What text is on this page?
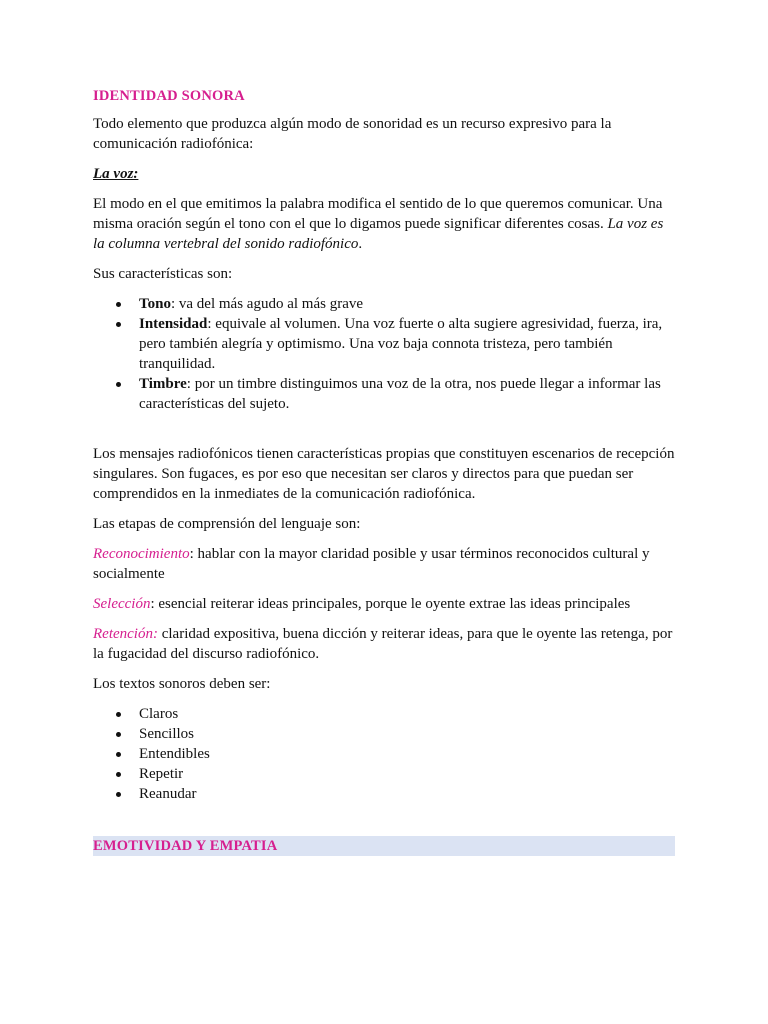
IDENTIDAD SONORA

Todo elemento que produzca algún modo de sonoridad es un recurso expresivo para la comunicación radiofónica:

La voz:

El modo en el que emitimos la palabra modifica el sentido de lo que queremos comunicar. Una misma oración según el tono con el que lo digamos puede significar diferentes cosas. La voz es la columna vertebral del sonido radiofónico.

Sus características son:

Tono: va del más agudo al más grave
Intensidad: equivale al volumen. Una voz fuerte o alta sugiere agresividad, fuerza, ira, pero también alegría y optimismo. Una voz baja connota tristeza, pero también tranquilidad.
Timbre: por un timbre distinguimos una voz de la otra, nos puede llegar a informar las características del sujeto.

Los mensajes radiofónicos tienen características propias que constituyen escenarios de recepción singulares. Son fugaces, es por eso que necesitan ser claros y directos para que puedan ser comprendidos en la inmediates de la comunicación radiofónica.

Las etapas de comprensión del lenguaje son:

Reconocimiento: hablar con la mayor claridad posible y usar términos reconocidos cultural y socialmente

Selección: esencial reiterar ideas principales, porque le oyente extrae las ideas principales

Retención: claridad expositiva, buena dicción y reiterar ideas, para que le oyente las retenga, por la fugacidad del discurso radiofónico.

Los textos sonoros deben ser:

Claros
Sencillos
Entendibles
Repetir
Reanudar

EMOTIVIDAD Y EMPATIA
